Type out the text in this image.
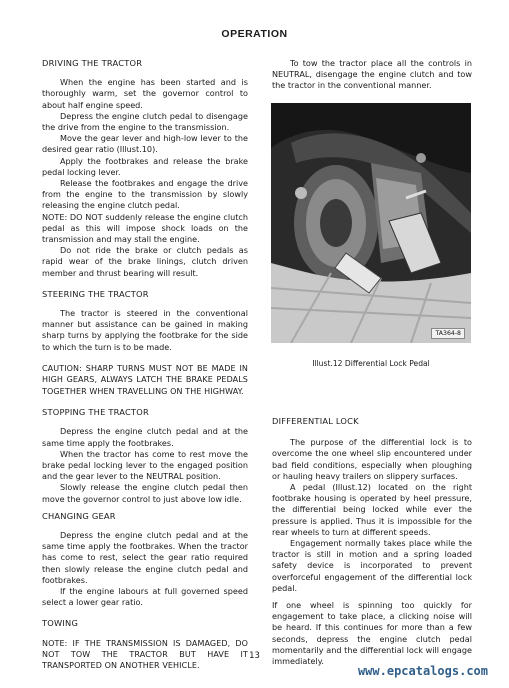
OPERATION
DRIVING THE TRACTOR

When the engine has been started and is thoroughly warm, set the governor control to about half engine speed.

Depress the engine clutch pedal to disengage the drive from the engine to the transmission.

Move the gear lever and high-low lever to the desired gear ratio (Illust.10).

Apply the footbrakes and release the brake pedal locking lever.

Release the footbrakes and engage the drive from the engine to the transmission by slowly releasing the engine clutch pedal.

NOTE: DO NOT suddenly release the engine clutch pedal as this will impose shock loads on the transmission and may stall the engine.

Do not ride the brake or clutch pedals as rapid wear of the brake linings, clutch driven member and thrust bearing will result.

STEERING THE TRACTOR

The tractor is steered in the conventional manner but assistance can be gained in making sharp turns by applying the footbrake for the side to which the turn is to be made.

CAUTION: SHARP TURNS MUST NOT BE MADE IN HIGH GEARS, ALWAYS LATCH THE BRAKE PEDALS TOGETHER WHEN TRAVELLING ON THE HIGHWAY.

STOPPING THE TRACTOR

Depress the engine clutch pedal and at the same time apply the footbrakes.

When the tractor has come to rest move the brake pedal locking lever to the engaged position and the gear lever to the NEUTRAL position.

Slowly release the engine clutch pedal then move the governor control to just above low idle.

CHANGING GEAR

Depress the engine clutch pedal and at the same time apply the footbrakes. When the tractor has come to rest, select the gear ratio required then slowly release the engine clutch pedal and footbrakes.

If the engine labours at full governed speed select a lower gear ratio.

TOWING

NOTE: IF THE TRANSMISSION IS DAMAGED, DO NOT TOW THE TRACTOR BUT HAVE IT TRANSPORTED ON ANOTHER VEHICLE.

To tow the tractor place all the controls in NEUTRAL, disengage the engine clutch and tow the tractor in the conventional manner.

TA364-8
Illust.12 Differential Lock Pedal
DIFFERENTIAL LOCK

The purpose of the differential lock is to overcome the one wheel slip encountered under bad field conditions, especially when ploughing or hauling heavy trailers on slippery surfaces.

A pedal (Illust.12) located on the right footbrake housing is operated by heel pressure, the differential being locked while ever the pressure is applied. Thus it is impossible for the rear wheels to turn at different speeds.

Engagement normally takes place while the tractor is still in motion and a spring loaded safety device is incorporated to prevent overforceful engagement of the differential lock pedal.

If one wheel is spinning too quickly for engagement to take place, a clicking noise will be heard. If this continues for more than a few seconds, depress the engine clutch pedal momentarily and the differential lock will engage immediately.

13
www.epcatalogs.com
